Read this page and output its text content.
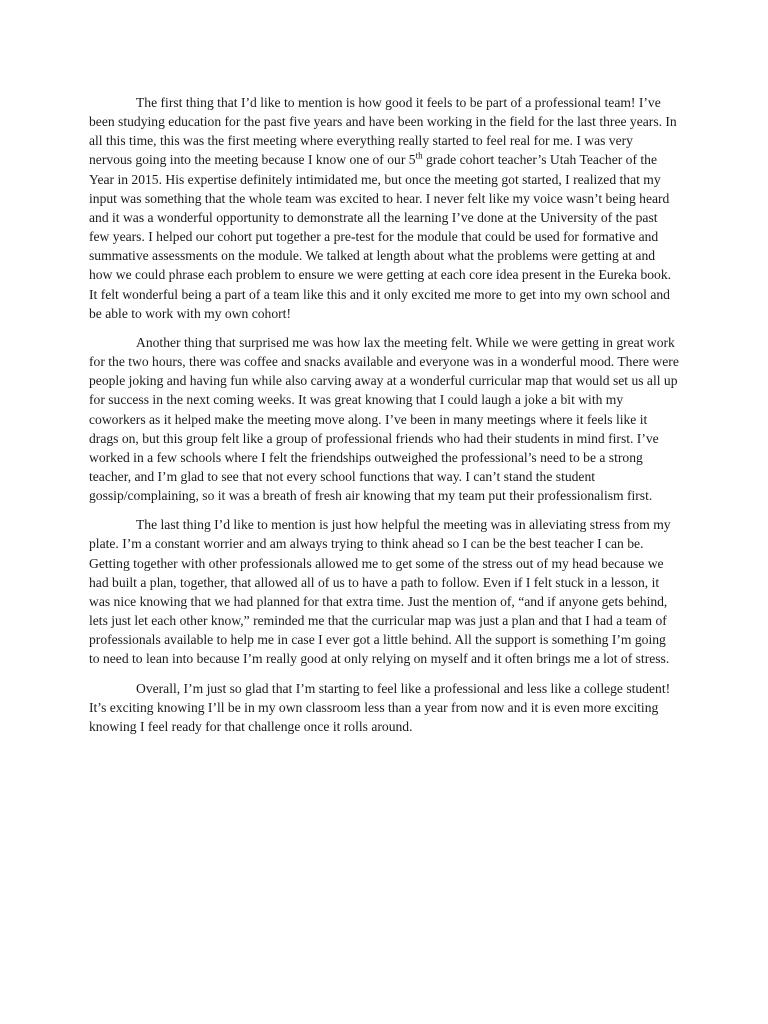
The first thing that I’d like to mention is how good it feels to be part of a professional team! I’ve been studying education for the past five years and have been working in the field for the last three years. In all this time, this was the first meeting where everything really started to feel real for me. I was very nervous going into the meeting because I know one of our 5th grade cohort teacher’s Utah Teacher of the Year in 2015. His expertise definitely intimidated me, but once the meeting got started, I realized that my input was something that the whole team was excited to hear. I never felt like my voice wasn’t being heard and it was a wonderful opportunity to demonstrate all the learning I’ve done at the University of the past few years. I helped our cohort put together a pre-test for the module that could be used for formative and summative assessments on the module. We talked at length about what the problems were getting at and how we could phrase each problem to ensure we were getting at each core idea present in the Eureka book. It felt wonderful being a part of a team like this and it only excited me more to get into my own school and be able to work with my own cohort!

Another thing that surprised me was how lax the meeting felt. While we were getting in great work for the two hours, there was coffee and snacks available and everyone was in a wonderful mood. There were people joking and having fun while also carving away at a wonderful curricular map that would set us all up for success in the next coming weeks. It was great knowing that I could laugh a joke a bit with my coworkers as it helped make the meeting move along. I’ve been in many meetings where it feels like it drags on, but this group felt like a group of professional friends who had their students in mind first. I’ve worked in a few schools where I felt the friendships outweighed the professional’s need to be a strong teacher, and I’m glad to see that not every school functions that way. I can’t stand the student gossip/complaining, so it was a breath of fresh air knowing that my team put their professionalism first.

The last thing I’d like to mention is just how helpful the meeting was in alleviating stress from my plate. I’m a constant worrier and am always trying to think ahead so I can be the best teacher I can be. Getting together with other professionals allowed me to get some of the stress out of my head because we had built a plan, together, that allowed all of us to have a path to follow. Even if I felt stuck in a lesson, it was nice knowing that we had planned for that extra time. Just the mention of, “and if anyone gets behind, lets just let each other know,” reminded me that the curricular map was just a plan and that I had a team of professionals available to help me in case I ever got a little behind. All the support is something I’m going to need to lean into because I’m really good at only relying on myself and it often brings me a lot of stress.

Overall, I’m just so glad that I’m starting to feel like a professional and less like a college student! It’s exciting knowing I’ll be in my own classroom less than a year from now and it is even more exciting knowing I feel ready for that challenge once it rolls around.
